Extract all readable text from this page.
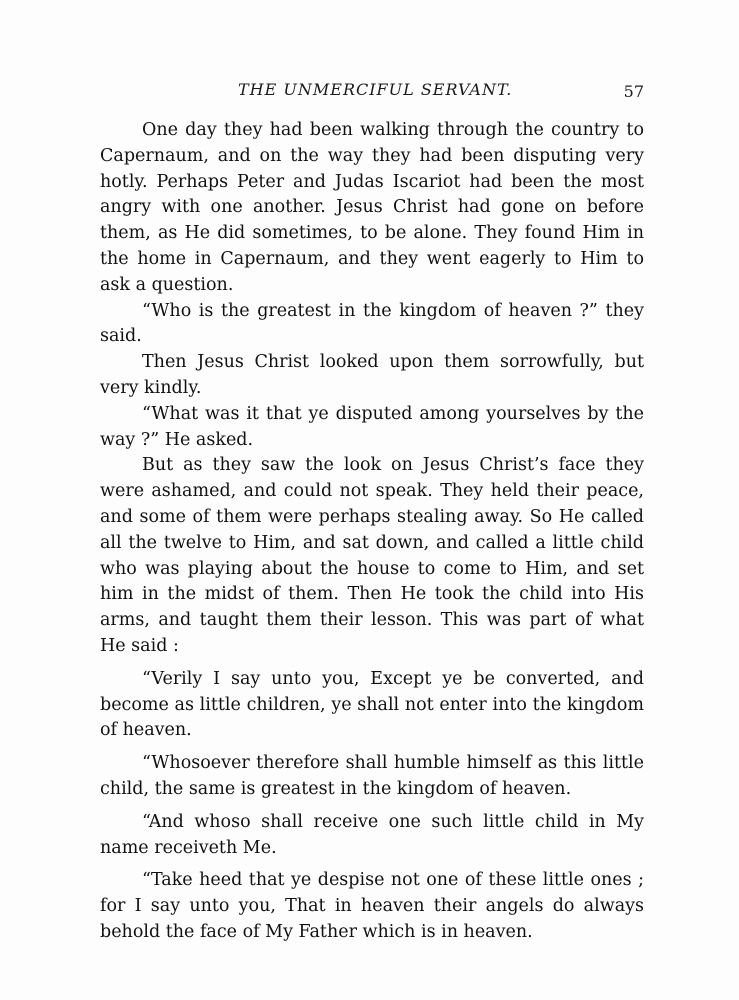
THE UNMERCIFUL SERVANT.	57

One day they had been walking through the country to Capernaum, and on the way they had been disputing very hotly. Perhaps Peter and Judas Iscariot had been the most angry with one another. Jesus Christ had gone on before them, as He did sometimes, to be alone. They found Him in the home in Capernaum, and they went eagerly to Him to ask a question.

“Who is the greatest in the kingdom of heaven ?” they said.

Then Jesus Christ looked upon them sorrowfully, but very kindly.

“What was it that ye disputed among yourselves by the way ?” He asked.

But as they saw the look on Jesus Christ’s face they were ashamed, and could not speak. They held their peace, and some of them were perhaps stealing away. So He called all the twelve to Him, and sat down, and called a little child who was playing about the house to come to Him, and set him in the midst of them. Then He took the child into His arms, and taught them their lesson. This was part of what He said :

“Verily I say unto you, Except ye be converted, and become as little children, ye shall not enter into the kingdom of heaven.

“Whosoever therefore shall humble himself as this little child, the same is greatest in the kingdom of heaven.

“And whoso shall receive one such little child in My name receiveth Me.

“Take heed that ye despise not one of these little ones ; for I say unto you, That in heaven their angels do always behold the face of My Father which is in heaven.
